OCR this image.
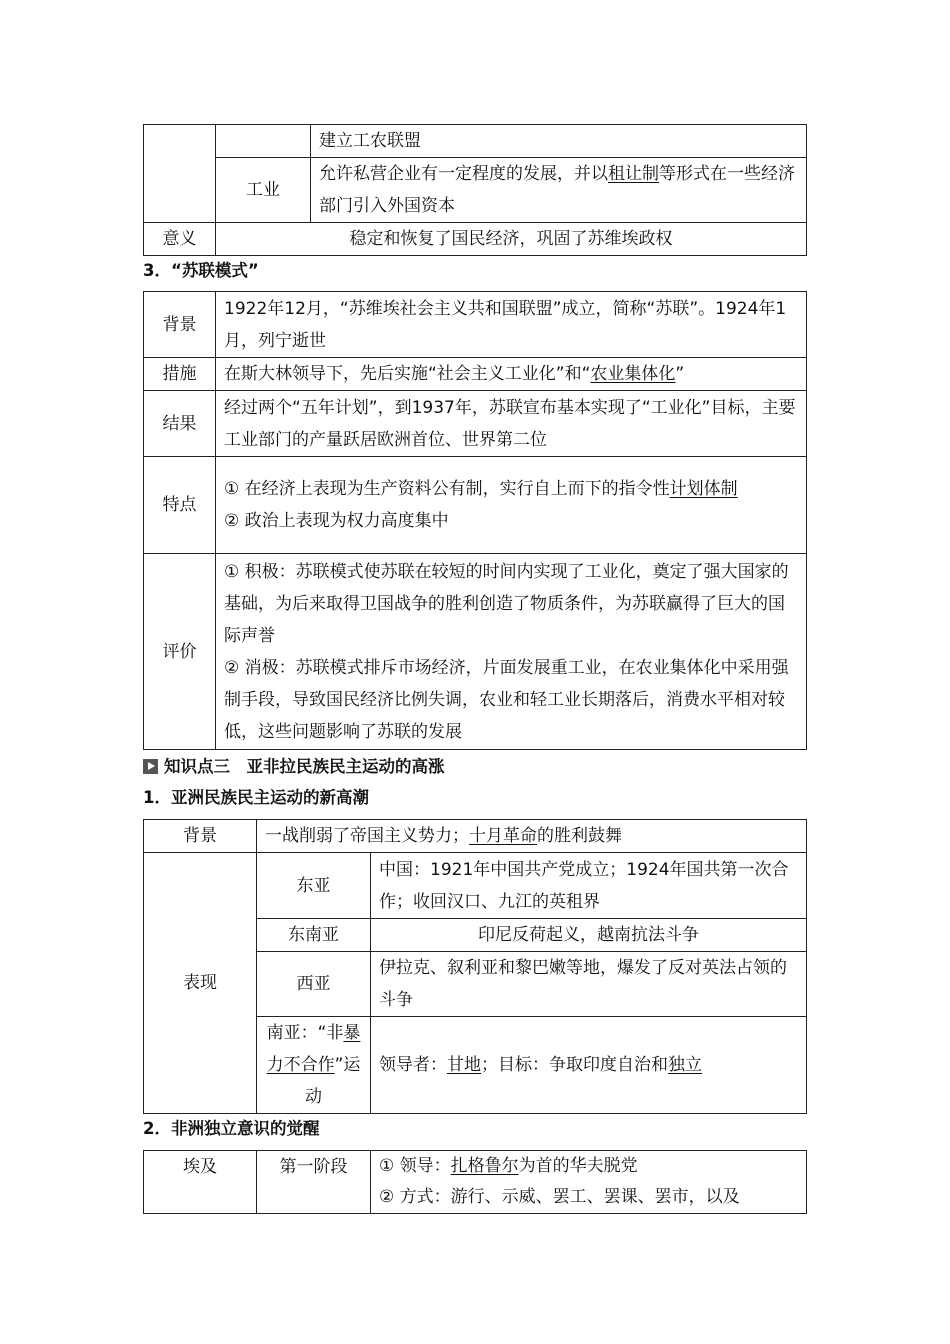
		建立工农联盟
	工业	允许私营企业有一定程度的发展，并以租让制等形式在一些经济部门引入外国资本
意义	稳定和恢复了国民经济，巩固了苏维埃政权	
3．“苏联模式”
背景	1922年12月，“苏维埃社会主义共和国联盟”成立，简称“苏联”。1924年1月，列宁逝世
措施	在斯大林领导下，先后实施“社会主义工业化”和“农业集体化”
结果	经过两个“五年计划”，到1937年，苏联宣布基本实现了“工业化”目标，主要工业部门的产量跃居欧洲首位、世界第二位
特点	① 在经济上表现为生产资料公有制，实行自上而下的指令性计划体制
② 政治上表现为权力高度集中

评价	① 积极：苏联模式使苏联在较短的时间内实现了工业化，奠定了强大国家的基础，为后来取得卫国战争的胜利创造了物质条件，为苏联赢得了巨大的国际声誉
② 消极：苏联模式排斥市场经济，片面发展重工业，在农业集体化中采用强制手段，导致国民经济比例失调，农业和轻工业长期落后，消费水平相对较低，这些问题影响了苏联的发展
知识点三　亚非拉民族民主运动的高涨
1．亚洲民族民主运动的新高潮
背景	一战削弱了帝国主义势力；十月革命的胜利鼓舞	
表现	东亚	中国：1921年中国共产党成立；1924年国共第一次合作；收回汉口、九江的英租界
	东南亚	印尼反荷起义，越南抗法斗争
	西亚	伊拉克、叙利亚和黎巴嫩等地，爆发了反对英法占领的斗争
	南亚：“非暴力不合作”运动	领导者：甘地；目标：争取印度自治和独立
2．非洲独立意识的觉醒
埃及	第一阶段	① 领导：扎格鲁尔为首的华夫脱党
② 方式：游行、示威、罢工、罢课、罢市，以及
